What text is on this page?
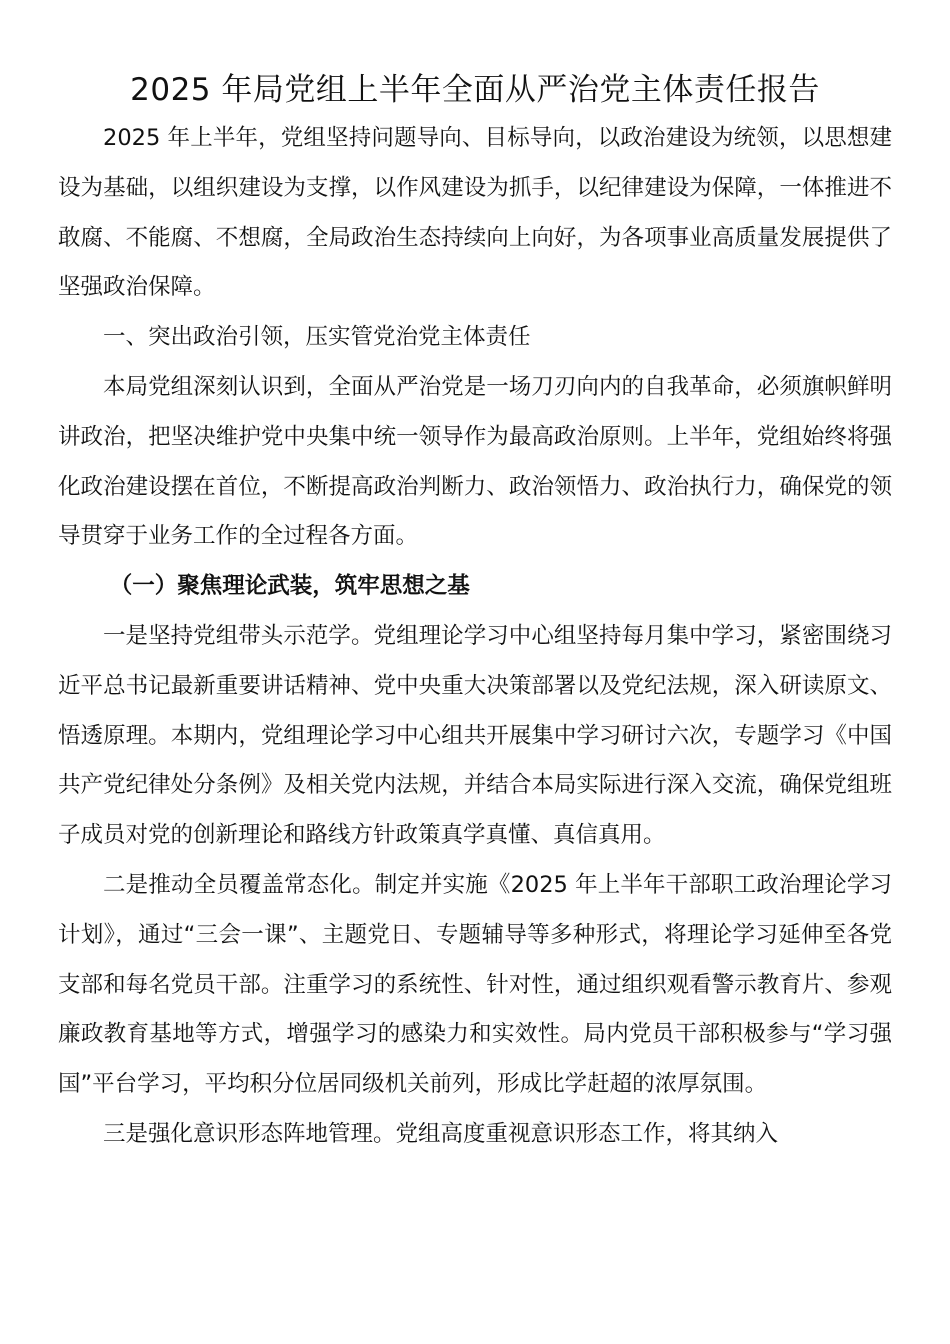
2025 年局党组上半年全面从严治党主体责任报告

2025 年上半年，党组坚持问题导向、目标导向，以政治建设为统领，以思想建设为基础，以组织建设为支撑，以作风建设为抓手，以纪律建设为保障，一体推进不敢腐、不能腐、不想腐，全局政治生态持续向上向好，为各项事业高质量发展提供了坚强政治保障。

一、突出政治引领，压实管党治党主体责任

本局党组深刻认识到，全面从严治党是一场刀刃向内的自我革命，必须旗帜鲜明讲政治，把坚决维护党中央集中统一领导作为最高政治原则。上半年，党组始终将强化政治建设摆在首位，不断提高政治判断力、政治领悟力、政治执行力，确保党的领导贯穿于业务工作的全过程各方面。

（一）聚焦理论武装，筑牢思想之基

一是坚持党组带头示范学。党组理论学习中心组坚持每月集中学习，紧密围绕习近平总书记最新重要讲话精神、党中央重大决策部署以及党纪法规，深入研读原文、悟透原理。本期内，党组理论学习中心组共开展集中学习研讨六次，专题学习《中国共产党纪律处分条例》及相关党内法规，并结合本局实际进行深入交流，确保党组班子成员对党的创新理论和路线方针政策真学真懂、真信真用。

二是推动全员覆盖常态化。制定并实施《2025 年上半年干部职工政治理论学习计划》，通过“三会一课”、主题党日、专题辅导等多种形式，将理论学习延伸至各党支部和每名党员干部。注重学习的系统性、针对性，通过组织观看警示教育片、参观廉政教育基地等方式，增强学习的感染力和实效性。局内党员干部积极参与“学习强国”平台学习，平均积分位居同级机关前列，形成比学赶超的浓厚氛围。

三是强化意识形态阵地管理。党组高度重视意识形态工作，将其纳入
